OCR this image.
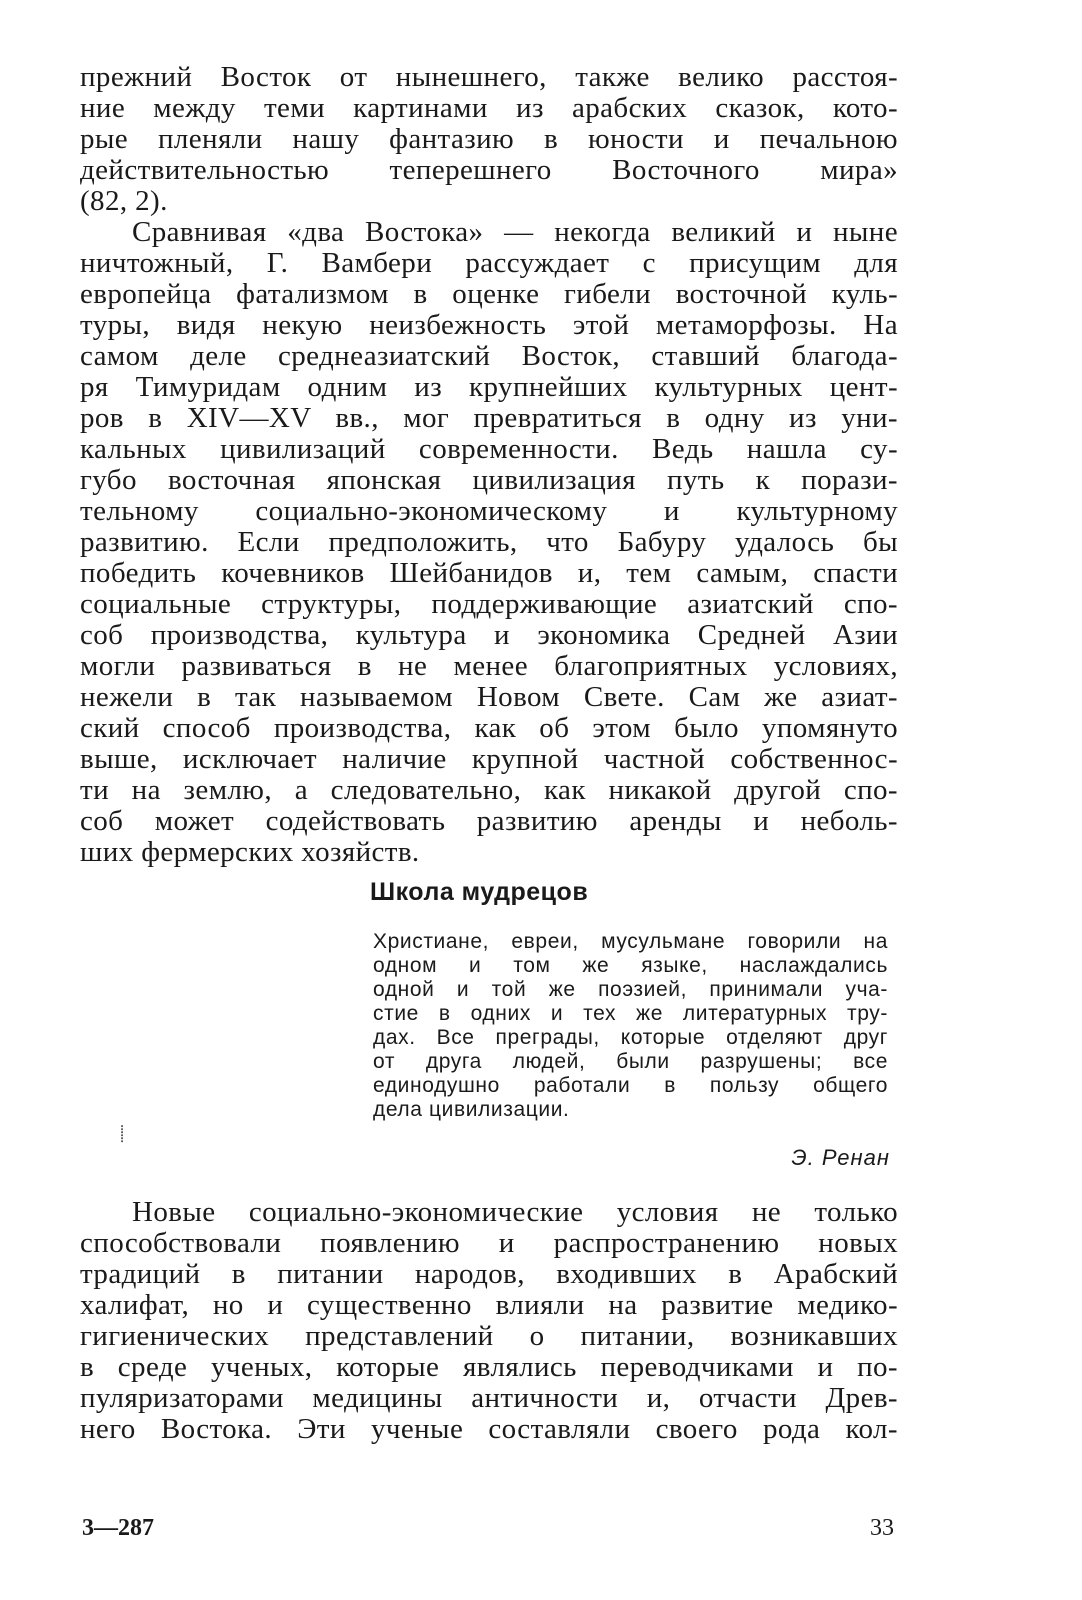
прежний Восток от нынешнего, также велико расстоя-
ние между теми картинами из арабских сказок, кото-
рые пленяли нашу фантазию в юности и печальною
действительностью теперешнего Восточного мира»
(82, 2).
Сравнивая «два Востока» — некогда великий и ныне
ничтожный, Г. Вамбери рассуждает с присущим для
европейца фатализмом в оценке гибели восточной куль-
туры, видя некую неизбежность этой метаморфозы. На
самом деле среднеазиатский Восток, ставший благода-
ря Тимуридам одним из крупнейших культурных цент-
ров в XIV—XV вв., мог превратиться в одну из уни-
кальных цивилизаций современности. Ведь нашла су-
губо восточная японская цивилизация путь к порази-
тельному социально-экономическому и культурному
развитию. Если предположить, что Бабуру удалось бы
победить кочевников Шейбанидов и, тем самым, спасти
социальные структуры, поддерживающие азиатский спо-
соб производства, культура и экономика Средней Азии
могли развиваться в не менее благоприятных условиях,
нежели в так называемом Новом Свете. Сам же азиат-
ский способ производства, как об этом было упомянуто
выше, исключает наличие крупной частной собственнос-
ти на землю, а следовательно, как никакой другой спо-
соб может содействовать развитию аренды и неболь-
ших фермерских хозяйств.
Школа мудрецов
Христиане, евреи, мусульмане говорили на
одном и том же языке, наслаждались
одной и той же поэзией, принимали уча-
стие в одних и тех же литературных тру-
дах. Все преграды, которые отделяют друг
от друга людей, были разрушены; все
единодушно работали в пользу общего
дела цивилизации.
⸽
Э. Ренан
Новые социально-экономические условия не только
способствовали появлению и распространению новых
традиций в питании народов, входивших в Арабский
халифат, но и существенно влияли на развитие медико-
гигиенических представлений о питании, возникавших
в среде ученых, которые являлись переводчиками и по-
пуляризаторами медицины античности и, отчасти Древ-
него Востока. Эти ученые составляли своего рода кол-
3—287	33
